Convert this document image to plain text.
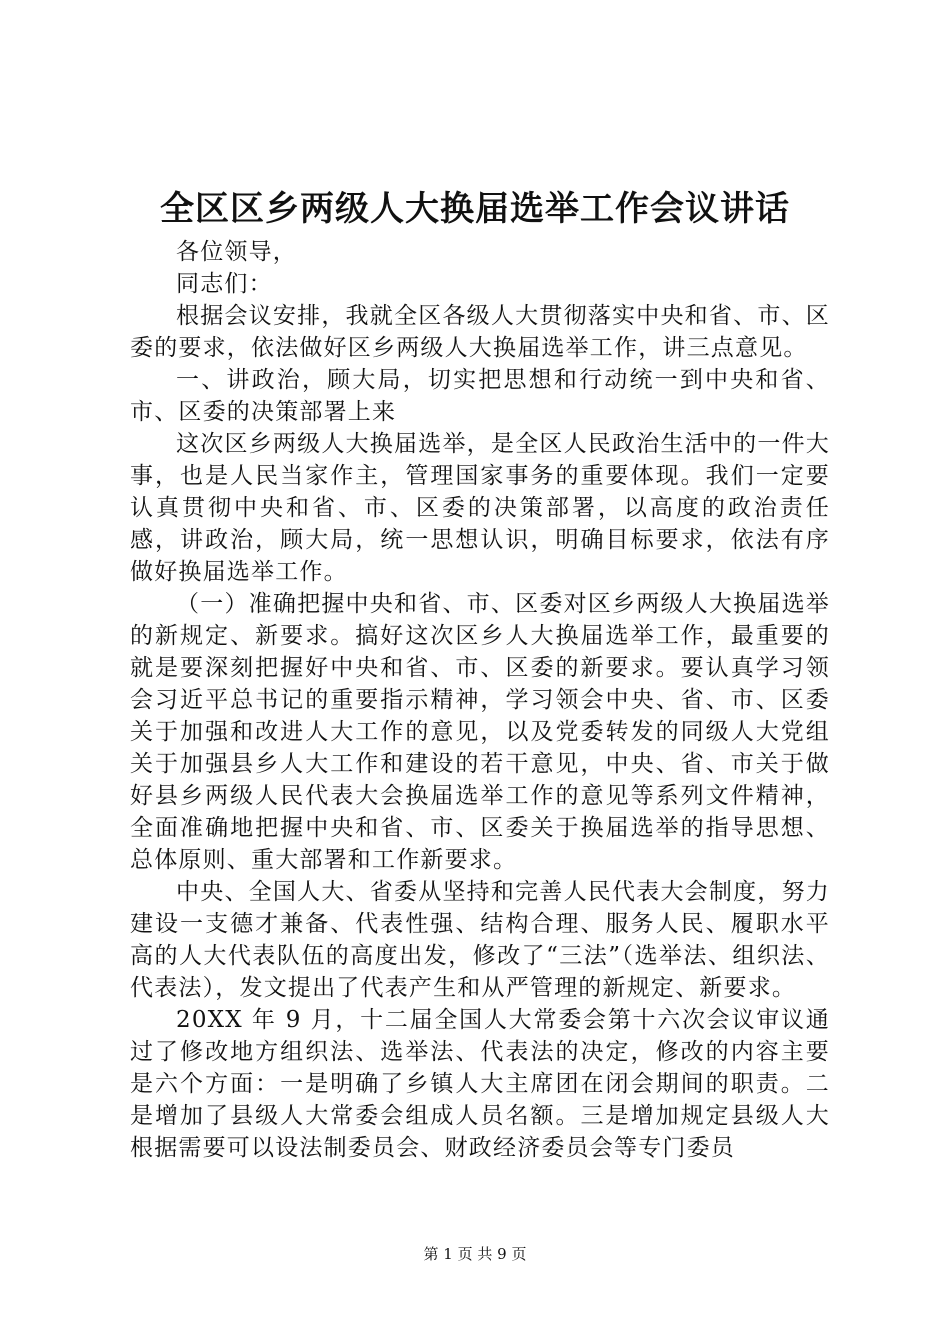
全区区乡两级人大换届选举工作会议讲话

各位领导，

同志们：

根据会议安排，我就全区各级人大贯彻落实中央和省、市、区委的要求，依法做好区乡两级人大换届选举工作，讲三点意见。

一、讲政治，顾大局，切实把思想和行动统一到中央和省、市、区委的决策部署上来

这次区乡两级人大换届选举，是全区人民政治生活中的一件大事，也是人民当家作主，管理国家事务的重要体现。我们一定要认真贯彻中央和省、市、区委的决策部署，以高度的政治责任感，讲政治，顾大局，统一思想认识，明确目标要求，依法有序做好换届选举工作。

（一）准确把握中央和省、市、区委对区乡两级人大换届选举的新规定、新要求。搞好这次区乡人大换届选举工作，最重要的就是要深刻把握好中央和省、市、区委的新要求。要认真学习领会习近平总书记的重要指示精神，学习领会中央、省、市、区委关于加强和改进人大工作的意见，以及党委转发的同级人大党组关于加强县乡人大工作和建设的若干意见，中央、省、市关于做好县乡两级人民代表大会换届选举工作的意见等系列文件精神，全面准确地把握中央和省、市、区委关于换届选举的指导思想、总体原则、重大部署和工作新要求。

中央、全国人大、省委从坚持和完善人民代表大会制度，努力建设一支德才兼备、代表性强、结构合理、服务人民、履职水平高的人大代表队伍的高度出发，修改了“三法”（选举法、组织法、代表法），发文提出了代表产生和从严管理的新规定、新要求。

20XX 年 9 月，十二届全国人大常委会第十六次会议审议通过了修改地方组织法、选举法、代表法的决定，修改的内容主要是六个方面：一是明确了乡镇人大主席团在闭会期间的职责。二是增加了县级人大常委会组成人员名额。三是增加规定县级人大根据需要可以设法制委员会、财政经济委员会等专门委员

第 1 页 共 9 页
